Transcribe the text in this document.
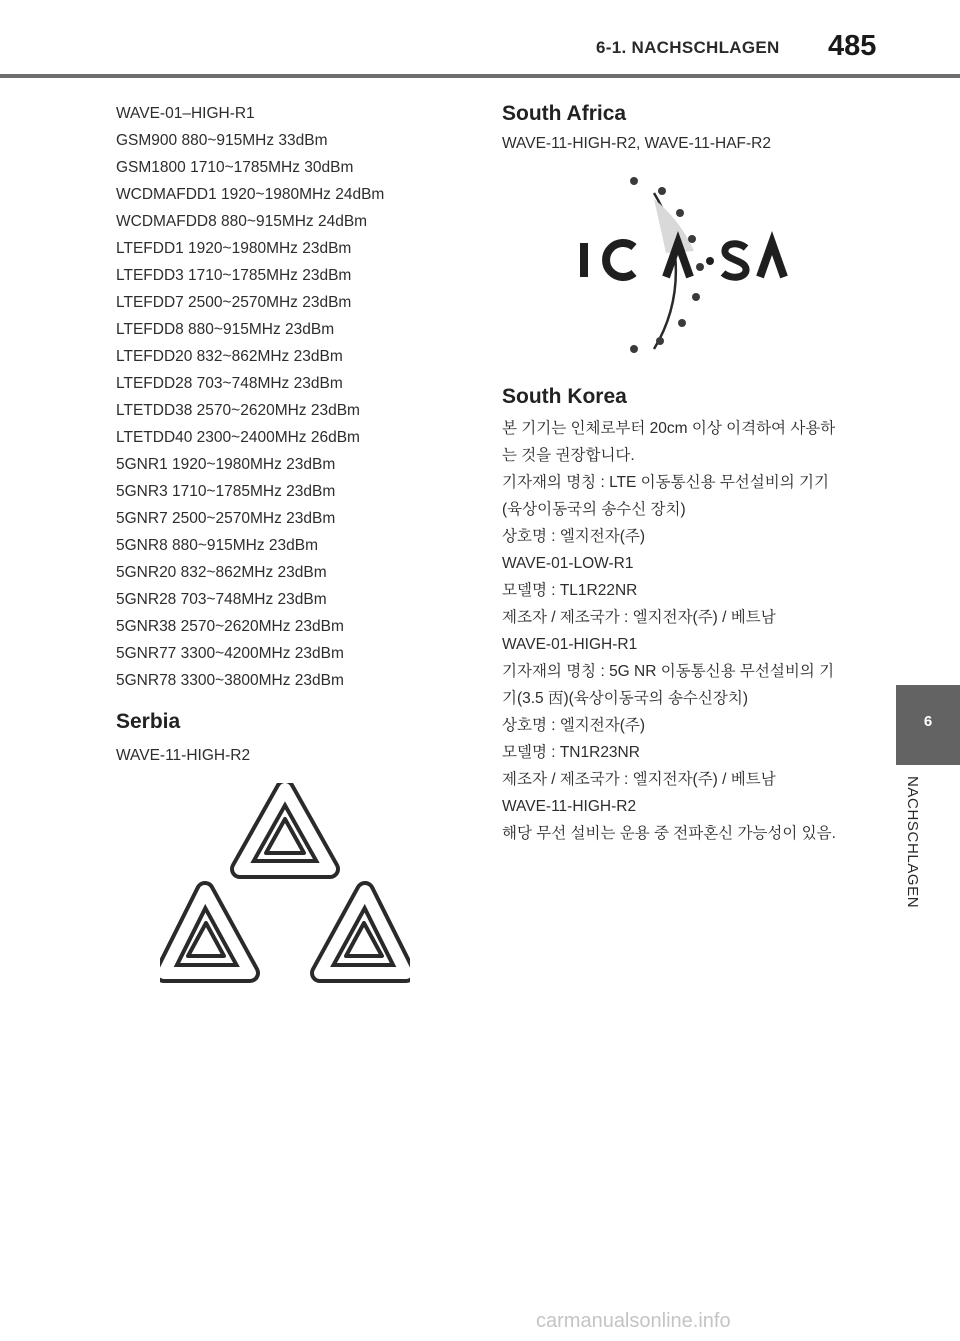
6-1. NACHSCHLAGEN 485
WAVE-01–HIGH-R1
GSM900 880~915MHz 33dBm
GSM1800 1710~1785MHz 30dBm
WCDMAFDD1 1920~1980MHz 24dBm
WCDMAFDD8 880~915MHz 24dBm
LTEFDD1 1920~1980MHz 23dBm
LTEFDD3 1710~1785MHz 23dBm
LTEFDD7 2500~2570MHz 23dBm
LTEFDD8 880~915MHz 23dBm
LTEFDD20 832~862MHz 23dBm
LTEFDD28 703~748MHz 23dBm
LTETDD38 2570~2620MHz 23dBm
LTETDD40 2300~2400MHz 26dBm
5GNR1 1920~1980MHz 23dBm
5GNR3 1710~1785MHz 23dBm
5GNR7 2500~2570MHz 23dBm
5GNR8 880~915MHz 23dBm
5GNR20 832~862MHz 23dBm
5GNR28 703~748MHz 23dBm
5GNR38 2570~2620MHz 23dBm
5GNR77 3300~4200MHz 23dBm
5GNR78 3300~3800MHz 23dBm
Serbia
WAVE-11-HIGH-R2
South Africa
WAVE-11-HIGH-R2, WAVE-11-HAF-R2
South Korea
본 기기는 인체로부터 20cm 이상 이격하여 사용하는 것을 권장합니다.
기자재의 명칭 : LTE 이동통신용 무선설비의 기기(육상이동국의 송수신 장치)
상호명 : 엘지전자(주)
WAVE-01-LOW-R1
모델명 : TL1R22NR
제조자 / 제조국가 : 엘지전자(주) / 베트남
WAVE-01-HIGH-R1
기자재의 명칭 : 5G NR 이동통신용 무선설비의 기기(3.5 㐁)(육상이동국의 송수신장치)
상호명 : 엘지전자(주)
모델명 : TN1R23NR
제조자 / 제조국가 : 엘지전자(주) / 베트남
WAVE-11-HIGH-R2
해당 무선 설비는 운용 중 전파혼신 가능성이 있음.
6
NACHSCHLAGEN
carmanualsonline.info
